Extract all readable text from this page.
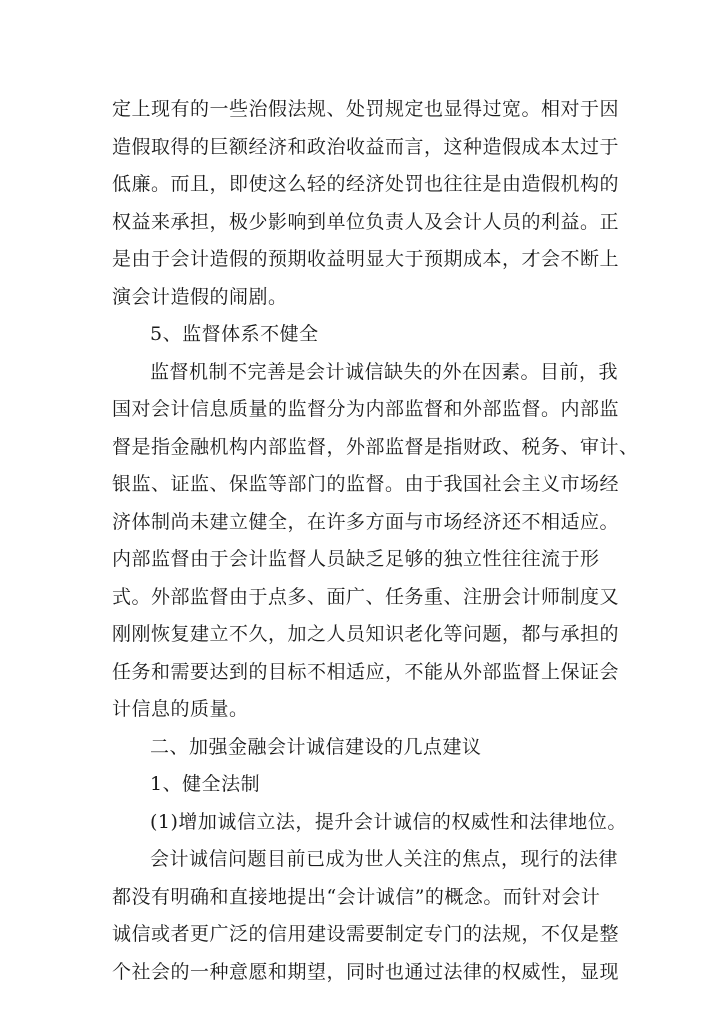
定上现有的一些治假法规、处罚规定也显得过宽。相对于因
造假取得的巨额经济和政治收益而言，这种造假成本太过于
低廉。而且，即使这么轻的经济处罚也往往是由造假机构的
权益来承担，极少影响到单位负责人及会计人员的利益。正
是由于会计造假的预期收益明显大于预期成本，才会不断上
演会计造假的闹剧。
5、监督体系不健全
监督机制不完善是会计诚信缺失的外在因素。目前，我
国对会计信息质量的监督分为内部监督和外部监督。内部监
督是指金融机构内部监督，外部监督是指财政、税务、审计、
银监、证监、保监等部门的监督。由于我国社会主义市场经
济体制尚未建立健全，在许多方面与市场经济还不相适应。
内部监督由于会计监督人员缺乏足够的独立性往往流于形
式。外部监督由于点多、面广、任务重、注册会计师制度又
刚刚恢复建立不久，加之人员知识老化等问题，都与承担的
任务和需要达到的目标不相适应，不能从外部监督上保证会
计信息的质量。
二、加强金融会计诚信建设的几点建议
1、健全法制
(1)增加诚信立法，提升会计诚信的权威性和法律地位。
会计诚信问题目前已成为世人关注的焦点，现行的法律
都没有明确和直接地提出“会计诚信”的概念。而针对会计
诚信或者更广泛的信用建设需要制定专门的法规，不仅是整
个社会的一种意愿和期望，同时也通过法律的权威性，显现
